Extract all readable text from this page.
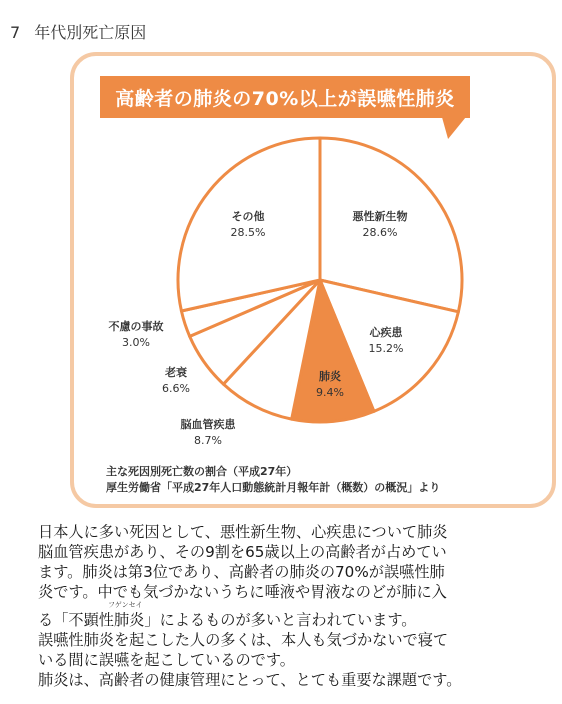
7 年代別死亡原因
高齢者の肺炎の70%以上が誤嚥性肺炎
悪性新生物
28.6%
心疾患
15.2%
肺炎
9.4%
脳血管疾患
8.7%
老衰
6.6%
不慮の事故
3.0%
その他
28.5%
主な死因別死亡数の割合（平成27年）
厚生労働省「平成27年人口動態統計月報年計（概数）の概況」より

日本人に多い死因として、悪性新生物、心疾患について肺炎

脳血管疾患があり、その9割を65歳以上の高齢者が占めてい

ます。肺炎は第3位であり、高齢者の肺炎の70%が誤嚥性肺

炎です。中でも気づかないうちに唾液や胃液なのどが肺に入

フゲンセイ
る「不顕性肺炎」によるものが多いと言われています。

誤嚥性肺炎を起こした人の多くは、本人も気づかないで寝て

いる間に誤嚥を起こしているのです。

肺炎は、高齢者の健康管理にとって、とても重要な課題です。
